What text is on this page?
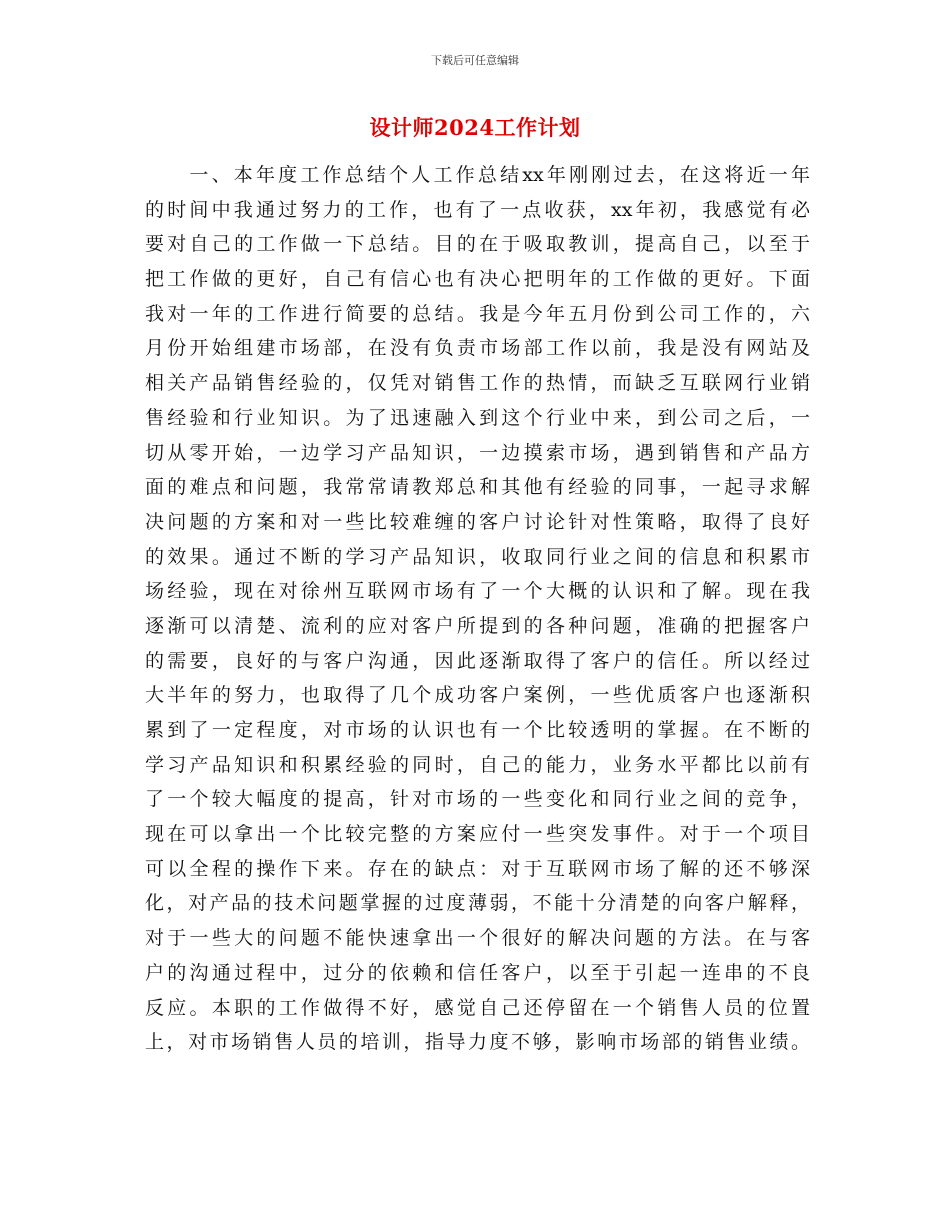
下载后可任意编辑
设计师2024工作计划
　　一、本年度工作总结个人工作总结xx年刚刚过去，在这将近一年
的时间中我通过努力的工作，也有了一点收获，xx年初，我感觉有必
要对自己的工作做一下总结。目的在于吸取教训，提高自己，以至于
把工作做的更好，自己有信心也有决心把明年的工作做的更好。下面
我对一年的工作进行简要的总结。我是今年五月份到公司工作的，六
月份开始组建市场部，在没有负责市场部工作以前，我是没有网站及
相关产品销售经验的，仅凭对销售工作的热情，而缺乏互联网行业销
售经验和行业知识。为了迅速融入到这个行业中来，到公司之后，一
切从零开始，一边学习产品知识，一边摸索市场，遇到销售和产品方
面的难点和问题，我常常请教郑总和其他有经验的同事，一起寻求解
决问题的方案和对一些比较难缠的客户讨论针对性策略，取得了良好
的效果。通过不断的学习产品知识，收取同行业之间的信息和积累市
场经验，现在对徐州互联网市场有了一个大概的认识和了解。现在我
逐渐可以清楚、流利的应对客户所提到的各种问题，准确的把握客户
的需要，良好的与客户沟通，因此逐渐取得了客户的信任。所以经过
大半年的努力，也取得了几个成功客户案例，一些优质客户也逐渐积
累到了一定程度，对市场的认识也有一个比较透明的掌握。在不断的
学习产品知识和积累经验的同时，自己的能力，业务水平都比以前有
了一个较大幅度的提高，针对市场的一些变化和同行业之间的竞争，
现在可以拿出一个比较完整的方案应付一些突发事件。对于一个项目
可以全程的操作下来。存在的缺点：对于互联网市场了解的还不够深
化，对产品的技术问题掌握的过度薄弱，不能十分清楚的向客户解释，
对于一些大的问题不能快速拿出一个很好的解决问题的方法。在与客
户的沟通过程中，过分的依赖和信任客户，以至于引起一连串的不良
反应。本职的工作做得不好，感觉自己还停留在一个销售人员的位置
上，对市场销售人员的培训，指导力度不够，影响市场部的销售业绩。
